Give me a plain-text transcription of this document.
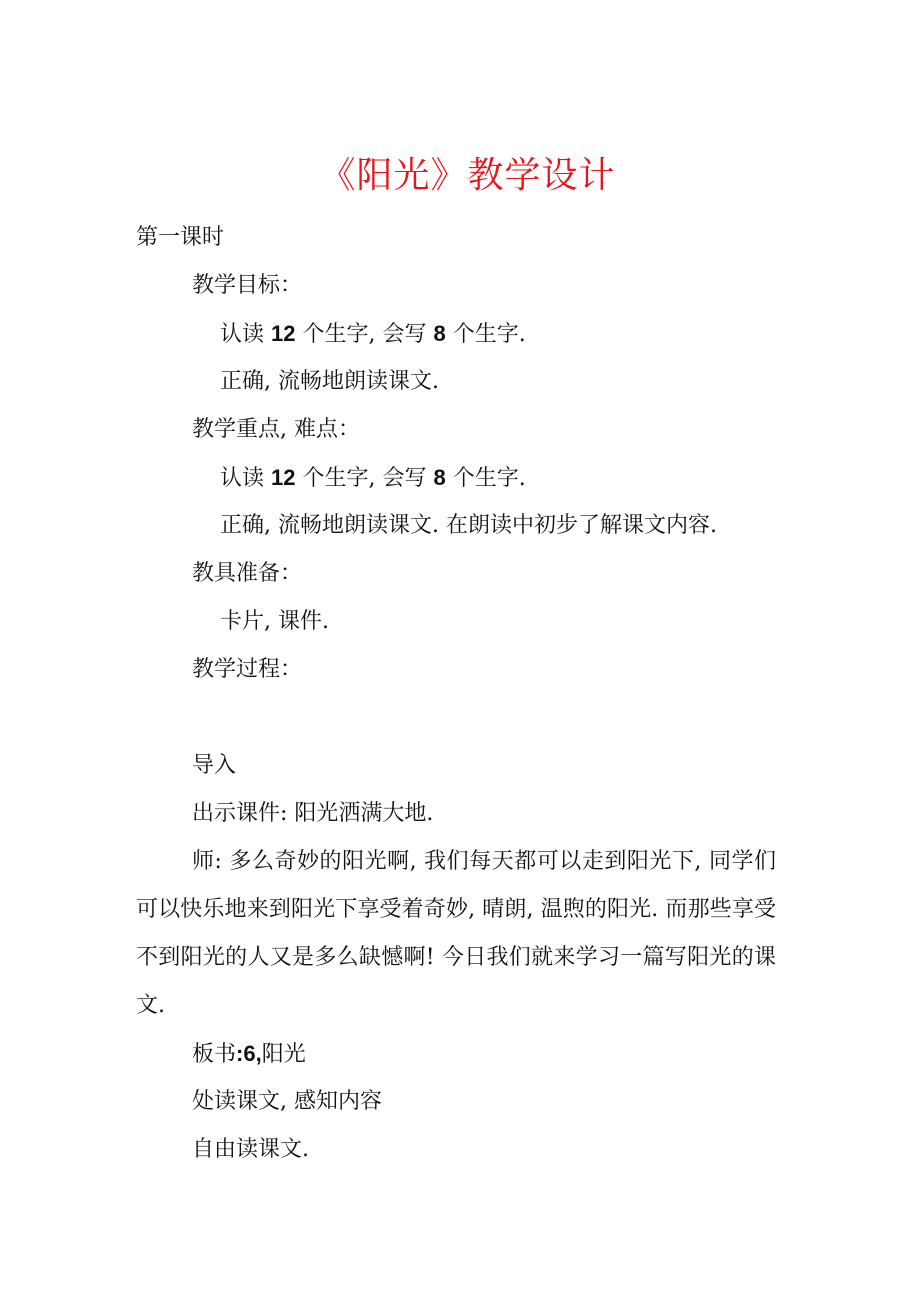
《阳光》教学设计
第一课时
教学目标：
认读 12 个生字, 会写 8 个生字.
正确, 流畅地朗读课文.
教学重点, 难点：
认读 12 个生字, 会写 8 个生字.
正确, 流畅地朗读课文. 在朗读中初步了解课文内容.
教具准备：
卡片, 课件.
教学过程：
导入
出示课件: 阳光洒满大地.
师: 多么奇妙的阳光啊, 我们每天都可以走到阳光下, 同学们可以快乐地来到阳光下享受着奇妙, 晴朗, 温煦的阳光. 而那些享受不到阳光的人又是多么缺憾啊! 今日我们就来学习一篇写阳光的课文.
板书:6,阳光
处读课文, 感知内容
自由读课文.
